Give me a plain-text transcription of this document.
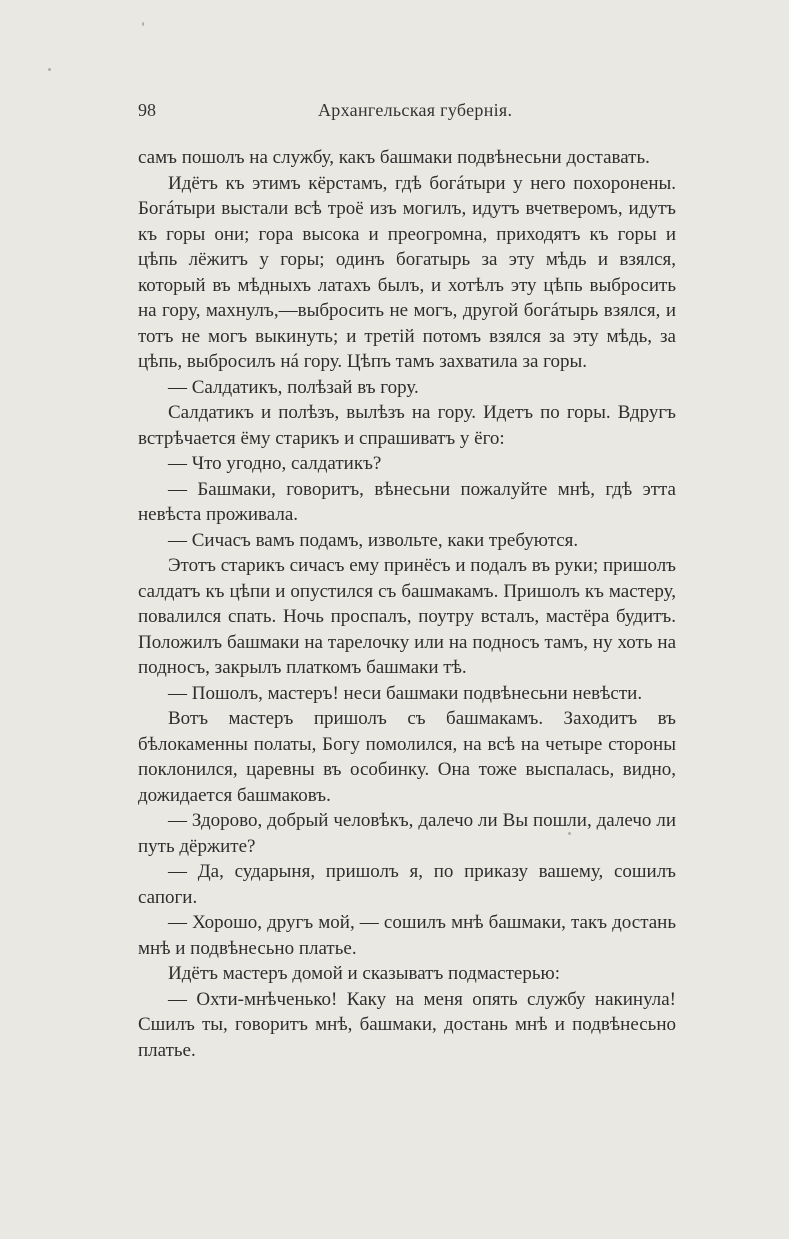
98	Архангельская губернія.

самъ пошолъ на службу, какъ башмаки подвѣнесьни доставать.

Идётъ къ этимъ кёрстамъ, гдѣ богáтыри у него похоронены. Богáтыри выстали всѣ троё изъ могилъ, идутъ вчетверомъ, идутъ къ горы они; гора высока и преогромна, приходятъ къ горы и цѣпь лёжитъ у горы; одинъ богатырь за эту мѣдь и взялся, который въ мѣдныхъ латахъ былъ, и хотѣлъ эту цѣпь выбросить на гору, махнулъ,—выбросить не могъ, другой богáтырь взялся, и тотъ не могъ выкинуть; и третій потомъ взялся за эту мѣдь, за цѣпь, выбросилъ нá гору. Цѣпъ тамъ захватила за горы.

— Салдатикъ, полѣзай въ гору.

Салдатикъ и полѣзъ, вылѣзъ на гору. Идетъ по горы. Вдругъ встрѣчается ёму старикъ и спрашиватъ у ёго:

— Что угодно, салдатикъ?

— Башмаки, говоритъ, вѣнесьни пожалуйте мнѣ, гдѣ этта невѣста проживала.

— Сичасъ вамъ подамъ, извольте, каки требуются.

Этотъ старикъ сичасъ ему принёсъ и подалъ въ руки; пришолъ салдатъ къ цѣпи и опустился съ башмакамъ. Пришолъ къ мастеру, повалился спать. Ночь проспалъ, поутру всталъ, мастёра будитъ. Положилъ башмаки на тарелочку или на подносъ тамъ, ну хоть на подносъ, закрылъ платкомъ башмаки тѣ.

— Пошолъ, мастеръ! неси башмаки подвѣнесьни невѣсти.

Вотъ мастеръ пришолъ съ башмакамъ. Заходитъ въ бѣлокаменны полаты, Богу помолился, на всѣ на четыре стороны поклонился, царевны въ особинку. Она тоже выспалась, видно, дожидается башмаковъ.

— Здорово, добрый человѣкъ, далечо ли Вы пошли, далечо ли путь дёржите?

— Да, сударыня, пришолъ я, по приказу вашему, сошилъ сапоги.

— Хорошо, другъ мой, — сошилъ мнѣ башмаки, такъ достань мнѣ и подвѣнесьно платье.

Идётъ мастеръ домой и сказыватъ подмастерью:

— Охти-мнѣченько! Каку на меня опять службу накинула! Сшилъ ты, говоритъ мнѣ, башмаки, достань мнѣ и подвѣнесьно платье.
